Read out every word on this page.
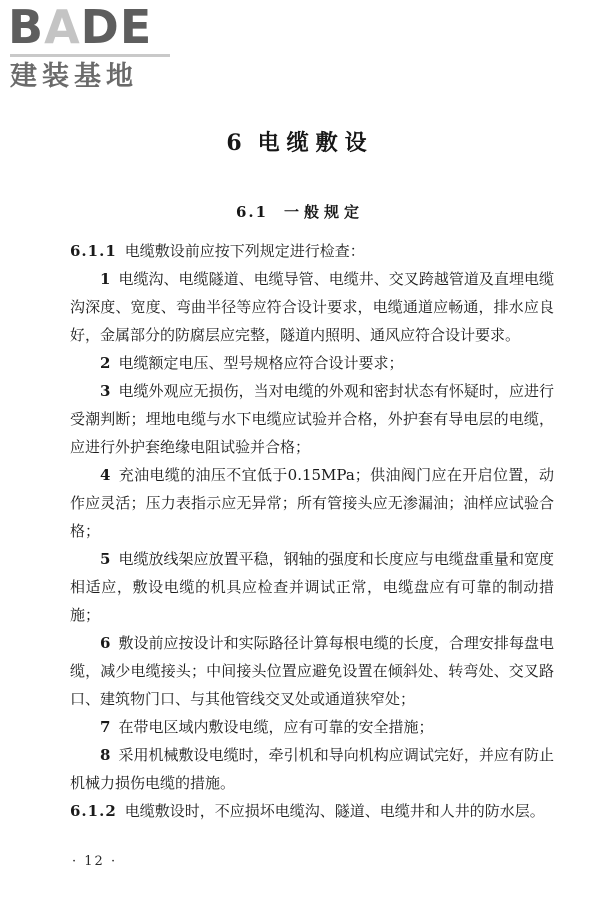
BADE
建装基地
6 电缆敷设
6.1 一般规定

6.1.1 电缆敷设前应按下列规定进行检查：

1 电缆沟、电缆隧道、电缆导管、电缆井、交叉跨越管道及直埋电缆沟深度、宽度、弯曲半径等应符合设计要求，电缆通道应畅通，排水应良好，金属部分的防腐层应完整，隧道内照明、通风应符合设计要求。

2 电缆额定电压、型号规格应符合设计要求；

3 电缆外观应无损伤，当对电缆的外观和密封状态有怀疑时，应进行受潮判断；埋地电缆与水下电缆应试验并合格，外护套有导电层的电缆，应进行外护套绝缘电阻试验并合格；

4 充油电缆的油压不宜低于0.15MPa；供油阀门应在开启位置，动作应灵活；压力表指示应无异常；所有管接头应无渗漏油；油样应试验合格；

5 电缆放线架应放置平稳，钢轴的强度和长度应与电缆盘重量和宽度相适应，敷设电缆的机具应检查并调试正常，电缆盘应有可靠的制动措施；

6 敷设前应按设计和实际路径计算每根电缆的长度，合理安排每盘电缆，减少电缆接头；中间接头位置应避免设置在倾斜处、转弯处、交叉路口、建筑物门口、与其他管线交叉处或通道狭窄处；

7 在带电区域内敷设电缆，应有可靠的安全措施；

8 采用机械敷设电缆时，牵引机和导向机构应调试完好，并应有防止机械力损伤电缆的措施。

6.1.2 电缆敷设时，不应损坏电缆沟、隧道、电缆井和人井的防水层。

· 12 ·
